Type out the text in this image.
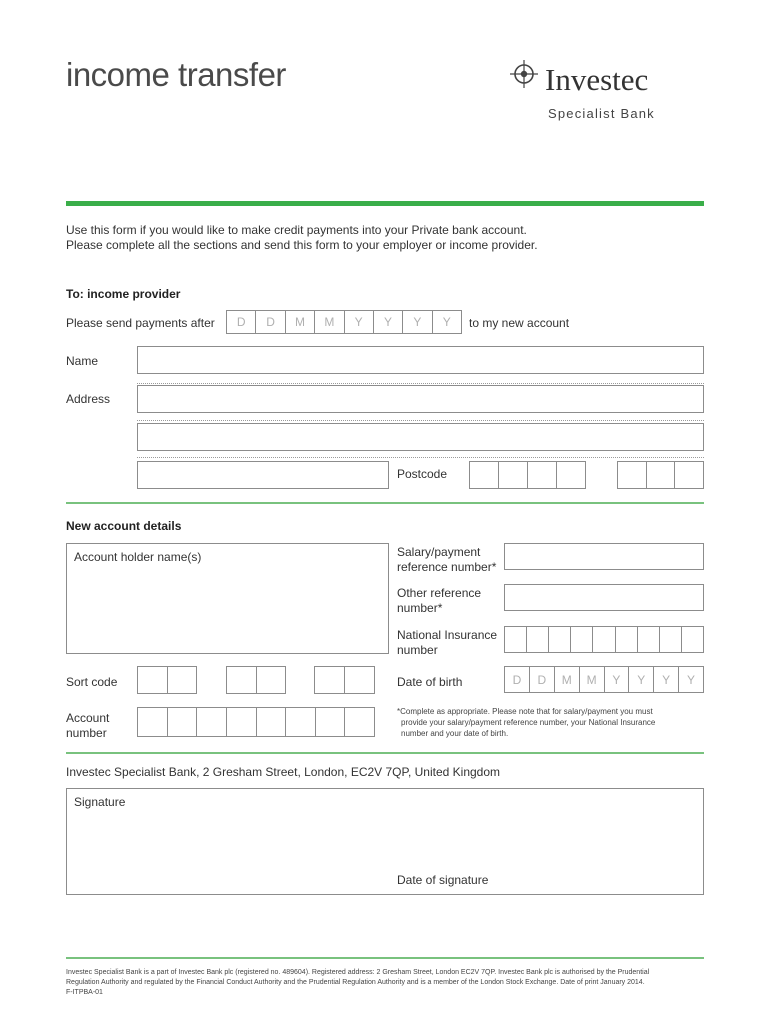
income transfer	Investec
Specialist Bank
Use this form if you would like to make credit payments into your Private bank account.
Please complete all the sections and send this form to your employer or income provider.
To: income provider
Please send payments after	D	D	M	M	Y	Y	Y	Y	to my new account
Name
Address
Postcode
New account details
Account holder name(s)	Salary/payment
reference number*
Other reference
number*
National Insurance
number
Sort code	Date of birth	D	D	M	M	Y	Y	Y	Y
Account
number
*Complete as appropriate. Please note that for salary/payment you must
provide your salary/payment reference number, your National Insurance
number and your date of birth.
Investec Specialist Bank, 2 Gresham Street, London, EC2V 7QP, United Kingdom
Signature
Date of signature
Investec Specialist Bank is a part of Investec Bank plc (registered no. 489604). Registered address: 2 Gresham Street, London EC2V 7QP. Investec Bank plc is authorised by the Prudential
Regulation Authority and regulated by the Financial Conduct Authority and the Prudential Regulation Authority and is a member of the London Stock Exchange. Date of print January 2014.
F-ITPBA-01
